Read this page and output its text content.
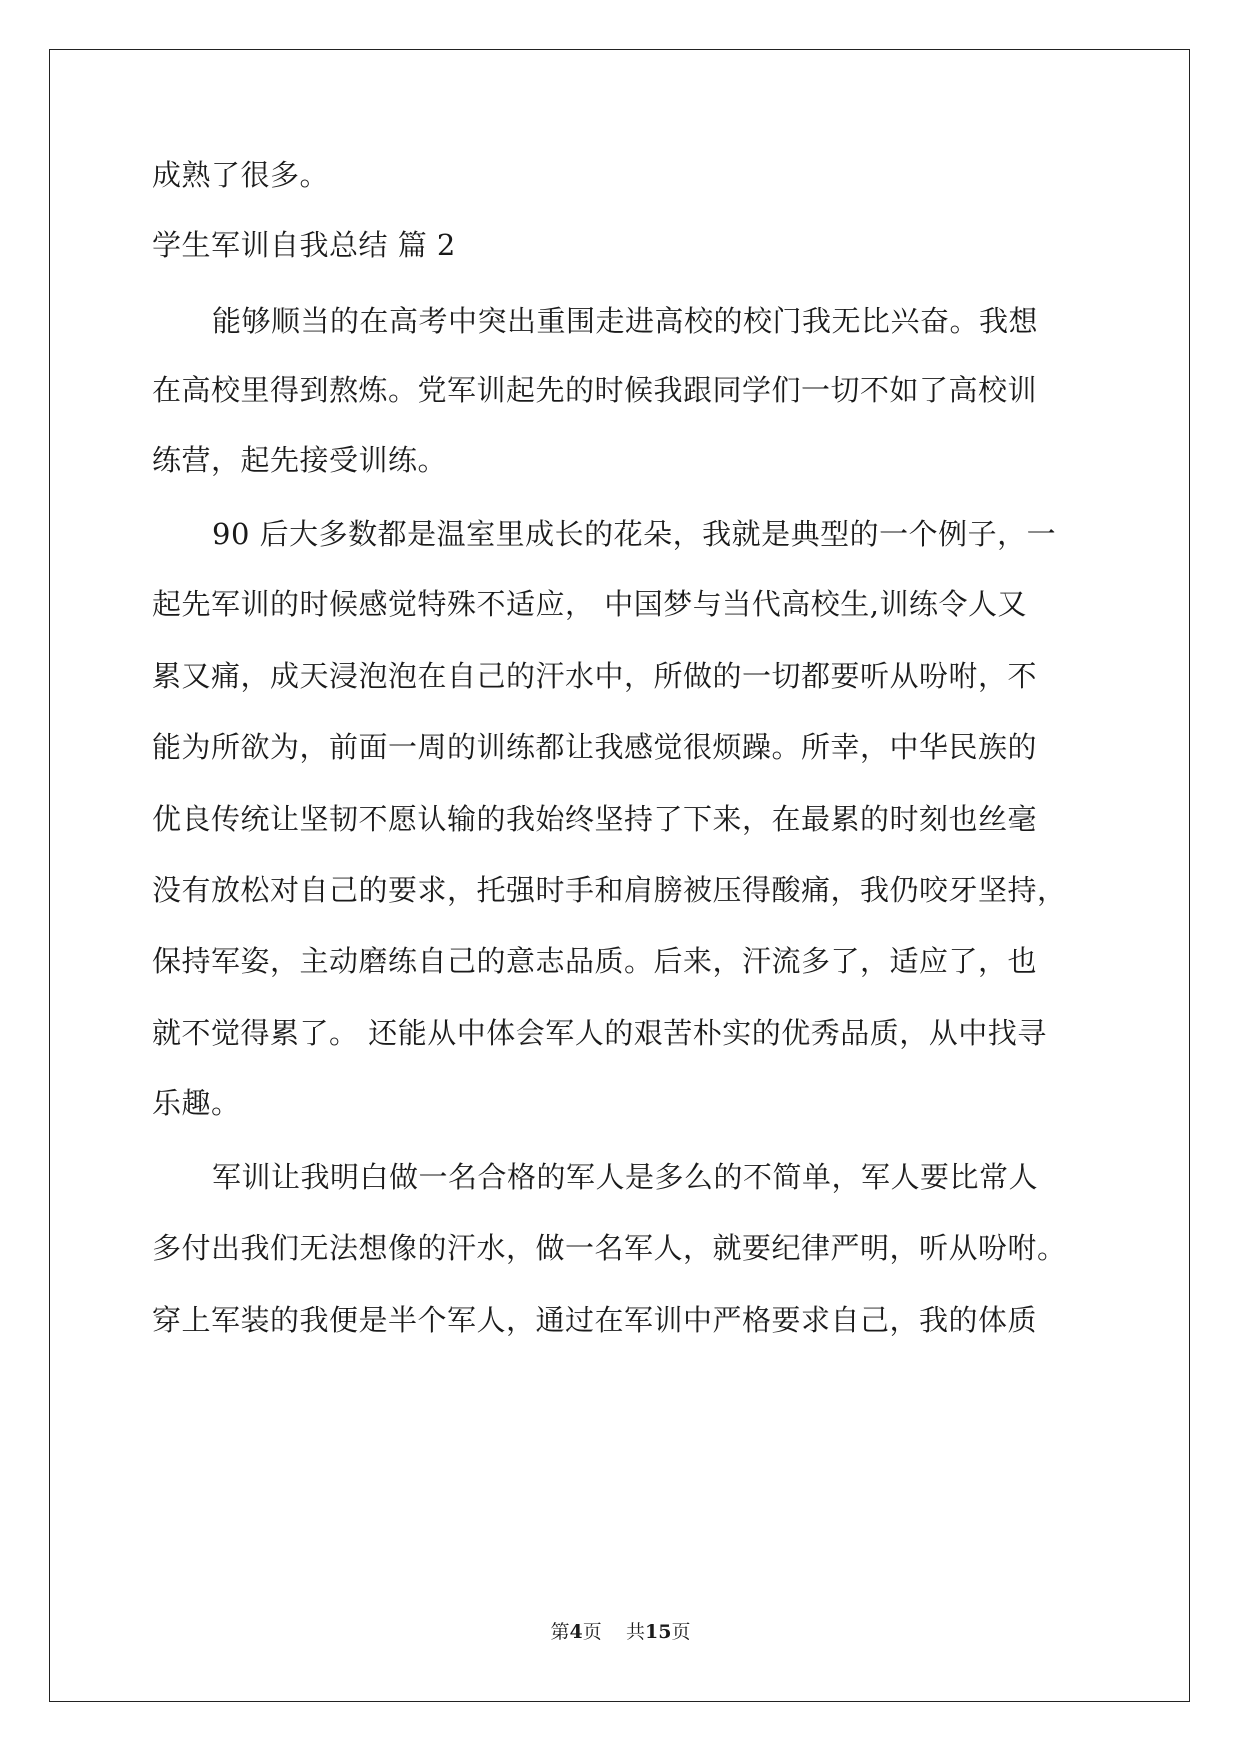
成熟了很多。
学生军训自我总结 篇 2
能够顺当的在高考中突出重围走进高校的校门我无比兴奋。我想
在高校里得到熬炼。党军训起先的时候我跟同学们一切不如了高校训
练营，起先接受训练。
90 后大多数都是温室里成长的花朵，我就是典型的一个例子，一
起先军训的时候感觉特殊不适应， 中国梦与当代高校生,训练令人又
累又痛，成天浸泡泡在自己的汗水中，所做的一切都要听从吩咐，不
能为所欲为，前面一周的训练都让我感觉很烦躁。所幸，中华民族的
优良传统让坚韧不愿认输的我始终坚持了下来，在最累的时刻也丝毫
没有放松对自己的要求，托强时手和肩膀被压得酸痛，我仍咬牙坚持，
保持军姿，主动磨练自己的意志品质。后来，汗流多了，适应了，也
就不觉得累了。 还能从中体会军人的艰苦朴实的优秀品质，从中找寻
乐趣。
军训让我明白做一名合格的军人是多么的不简单，军人要比常人
多付出我们无法想像的汗水，做一名军人，就要纪律严明，听从吩咐。
穿上军装的我便是半个军人，通过在军训中严格要求自己，我的体质
第4页 共15页
